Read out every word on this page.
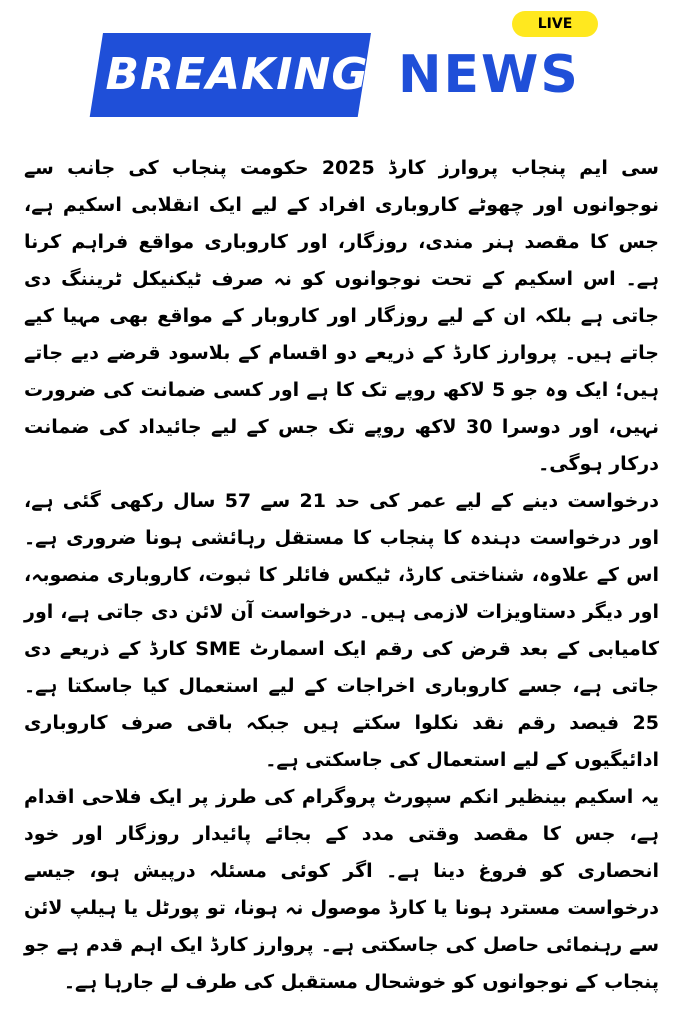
BREAKING NEWS
LIVE

سی ایم پنجاب پروارز کارڈ 2025 حکومت پنجاب کی جانب سے نوجوانوں اور چھوٹے کاروباری افراد کے لیے ایک انقلابی اسکیم ہے، جس کا مقصد ہنر مندی، روزگار، اور کاروباری مواقع فراہم کرنا ہے۔ اس اسکیم کے تحت نوجوانوں کو نہ صرف ٹیکنیکل ٹریننگ دی جاتی ہے بلکہ ان کے لیے روزگار اور کاروبار کے مواقع بھی مہیا کیے جاتے ہیں۔ پروارز کارڈ کے ذریعے دو اقسام کے بلاسود قرضے دیے جاتے ہیں؛ ایک وہ جو 5 لاکھ روپے تک کا ہے اور کسی ضمانت کی ضرورت نہیں، اور دوسرا 30 لاکھ روپے تک جس کے لیے جائیداد کی ضمانت درکار ہوگی۔

درخواست دینے کے لیے عمر کی حد 21 سے 57 سال رکھی گئی ہے، اور درخواست دہندہ کا پنجاب کا مستقل رہائشی ہونا ضروری ہے۔ اس کے علاوہ، شناختی کارڈ، ٹیکس فائلر کا ثبوت، کاروباری منصوبہ، اور دیگر دستاویزات لازمی ہیں۔ درخواست آن لائن دی جاتی ہے، اور کامیابی کے بعد قرض کی رقم ایک اسمارٹ SME کارڈ کے ذریعے دی جاتی ہے، جسے کاروباری اخراجات کے لیے استعمال کیا جاسکتا ہے۔ 25 فیصد رقم نقد نکلوا سکتے ہیں جبکہ باقی صرف کاروباری ادائیگیوں کے لیے استعمال کی جاسکتی ہے۔

یہ اسکیم بینظیر انکم سپورٹ پروگرام کی طرز پر ایک فلاحی اقدام ہے، جس کا مقصد وقتی مدد کے بجائے پائیدار روزگار اور خود انحصاری کو فروغ دینا ہے۔ اگر کوئی مسئلہ درپیش ہو، جیسے درخواست مسترد ہونا یا کارڈ موصول نہ ہونا، تو پورٹل یا ہیلپ لائن سے رہنمائی حاصل کی جاسکتی ہے۔ پروارز کارڈ ایک اہم قدم ہے جو پنجاب کے نوجوانوں کو خوشحال مستقبل کی طرف لے جارہا ہے۔
